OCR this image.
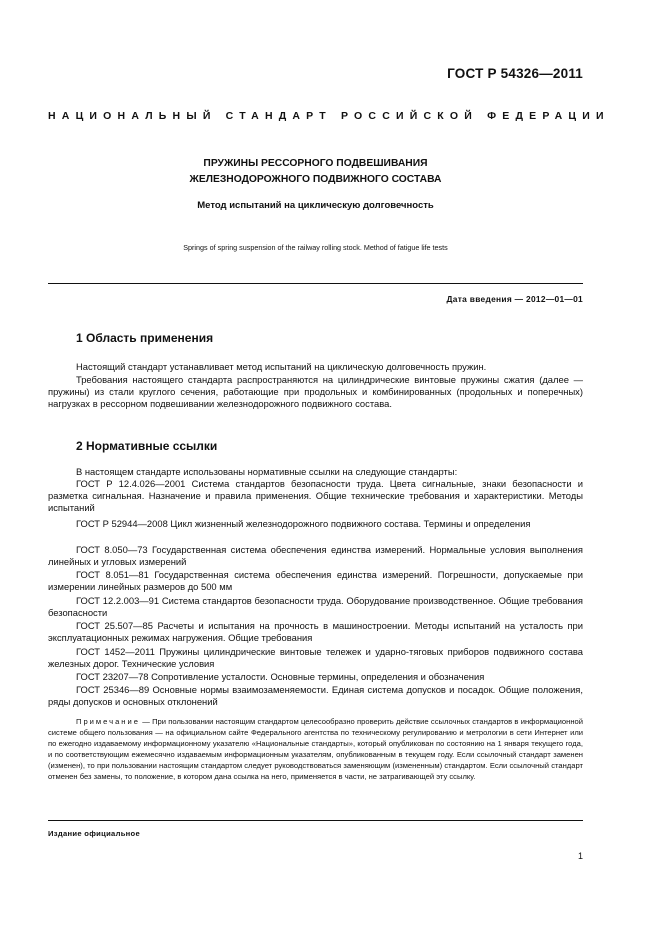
ГОСТ Р 54326—2011
НАЦИОНАЛЬНЫЙ СТАНДАРТ РОССИЙСКОЙ ФЕДЕРАЦИИ
ПРУЖИНЫ РЕССОРНОГО ПОДВЕШИВАНИЯ
ЖЕЛЕЗНОДОРОЖНОГО ПОДВИЖНОГО СОСТАВА
Метод испытаний на циклическую долговечность
Springs of spring suspension of the railway rolling stock. Method of fatigue life tests
Дата введения — 2012—01—01
1 Область применения

Настоящий стандарт устанавливает метод испытаний на циклическую долговечность пружин.

Требования настоящего стандарта распространяются на цилиндрические винтовые пружины сжатия (далее — пружины) из стали круглого сечения, работающие при продольных и комбинированных (продольных и поперечных) нагрузках в рессорном подвешивании железнодорожного подвижного состава.

2 Нормативные ссылки

В настоящем стандарте использованы нормативные ссылки на следующие стандарты:

ГОСТ Р 12.4.026—2001 Система стандартов безопасности труда. Цвета сигнальные, знаки безопасности и разметка сигнальная. Назначение и правила применения. Общие технические требования и характеристики. Методы испытаний

ГОСТ Р 52944—2008 Цикл жизненный железнодорожного подвижного состава. Термины и определения

ГОСТ 8.050—73 Государственная система обеспечения единства измерений. Нормальные условия выполнения линейных и угловых измерений

ГОСТ 8.051—81 Государственная система обеспечения единства измерений. Погрешности, допускаемые при измерении линейных размеров до 500 мм

ГОСТ 12.2.003—91 Система стандартов безопасности труда. Оборудование производственное. Общие требования безопасности

ГОСТ 25.507—85 Расчеты и испытания на прочность в машиностроении. Методы испытаний на усталость при эксплуатационных режимах нагружения. Общие требования

ГОСТ 1452—2011 Пружины цилиндрические винтовые тележек и ударно-тяговых приборов подвижного состава железных дорог. Технические условия

ГОСТ 23207—78 Сопротивление усталости. Основные термины, определения и обозначения

ГОСТ 25346—89 Основные нормы взаимозаменяемости. Единая система допусков и посадок. Общие положения, ряды допусков и основных отклонений

Примечание — При пользовании настоящим стандартом целесообразно проверить действие ссылочных стандартов в информационной системе общего пользования — на официальном сайте Федерального агентства по техническому регулированию и метрологии в сети Интернет или по ежегодно издаваемому информационному указателю «Национальные стандарты», который опубликован по состоянию на 1 января текущего года, и по соответствующим ежемесячно издаваемым информационным указателям, опубликованным в текущем году. Если ссылочный стандарт заменен (изменен), то при пользовании настоящим стандартом следует руководствоваться заменяющим (измененным) стандартом. Если ссылочный стандарт отменен без замены, то положение, в котором дана ссылка на него, применяется в части, не затрагивающей эту ссылку.

Издание официальное
1
